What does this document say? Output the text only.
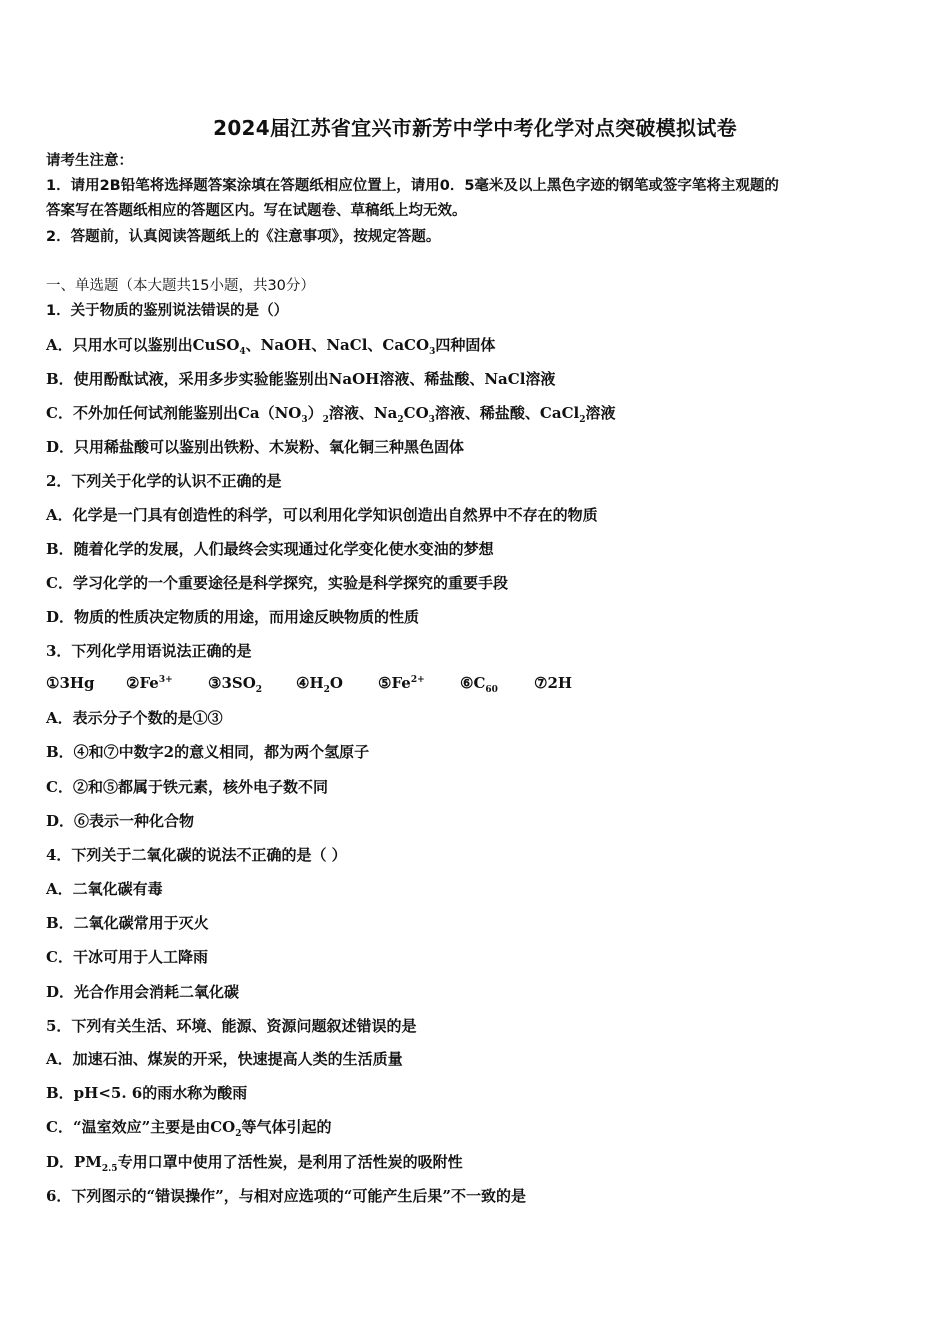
2024届江苏省宜兴市新芳中学中考化学对点突破模拟试卷
请考生注意：
1．请用2B铅笔将选择题答案涂填在答题纸相应位置上，请用0．5毫米及以上黑色字迹的钢笔或签字笔将主观题的
答案写在答题纸相应的答题区内。写在试题卷、草稿纸上均无效。
2．答题前，认真阅读答题纸上的《注意事项》，按规定答题。
一、单选题（本大题共15小题，共30分）
1．关于物质的鉴别说法错误的是（）
A．只用水可以鉴别出CuSO$_4$、NaOH、NaCl、CaCO$_3$四种固体
B．使用酚酞试液，采用多步实验能鉴别出NaOH溶液、稀盐酸、NaCl溶液
C．不外加任何试剂能鉴别出$Ca(NO_3)_2$溶液、$Na_2CO_3$溶液、稀盐酸、CaCl$_2$溶液
D．只用稀盐酸可以鉴别出铁粉、木炭粉、氧化铜三种黑色固体
2．下列关于化学的认识不正确的是
A．化学是一门具有创造性的科学，可以利用化学知识创造出自然界中不存在的物质
B．随着化学的发展，人们最终会实现通过化学变化使水变油的梦想
C．学习化学的一个重要途径是科学探究，实验是科学探究的重要手段
D．物质的性质决定物质的用途，而用途反映物质的性质
3．下列化学用语说法正确的是
①3Hg $②Fe^{3+}$ $③3SO_2$ $④H_2O$ $⑤Fe^{2+}$ $⑥C_{60}$ ⑦2H
A．表示分子个数的是①③
B．④和⑦中数字2的意义相同，都为两个氢原子
C．②和⑤都属于铁元素，核外电子数不同
D．⑥表示一种化合物
4．下列关于二氧化碳的说法不正确的是（ ）
A．二氧化碳有毒
B．二氧化碳常用于灭火
C．干冰可用于人工降雨
D．光合作用会消耗二氧化碳
5．下列有关生活、环境、能源、资源问题叙述错误的是
A．加速石油、煤炭的开采，快速提高人类的生活质量
B．pH<5. 6的雨水称为酸雨
C．“温室效应”主要是由$CO_2$等气体引起的
D．$PM_{2.5}$专用口罩中使用了活性炭，是利用了活性炭的吸附性
6．下列图示的“错误操作”，与相对应选项的“可能产生后果”不一致的是
